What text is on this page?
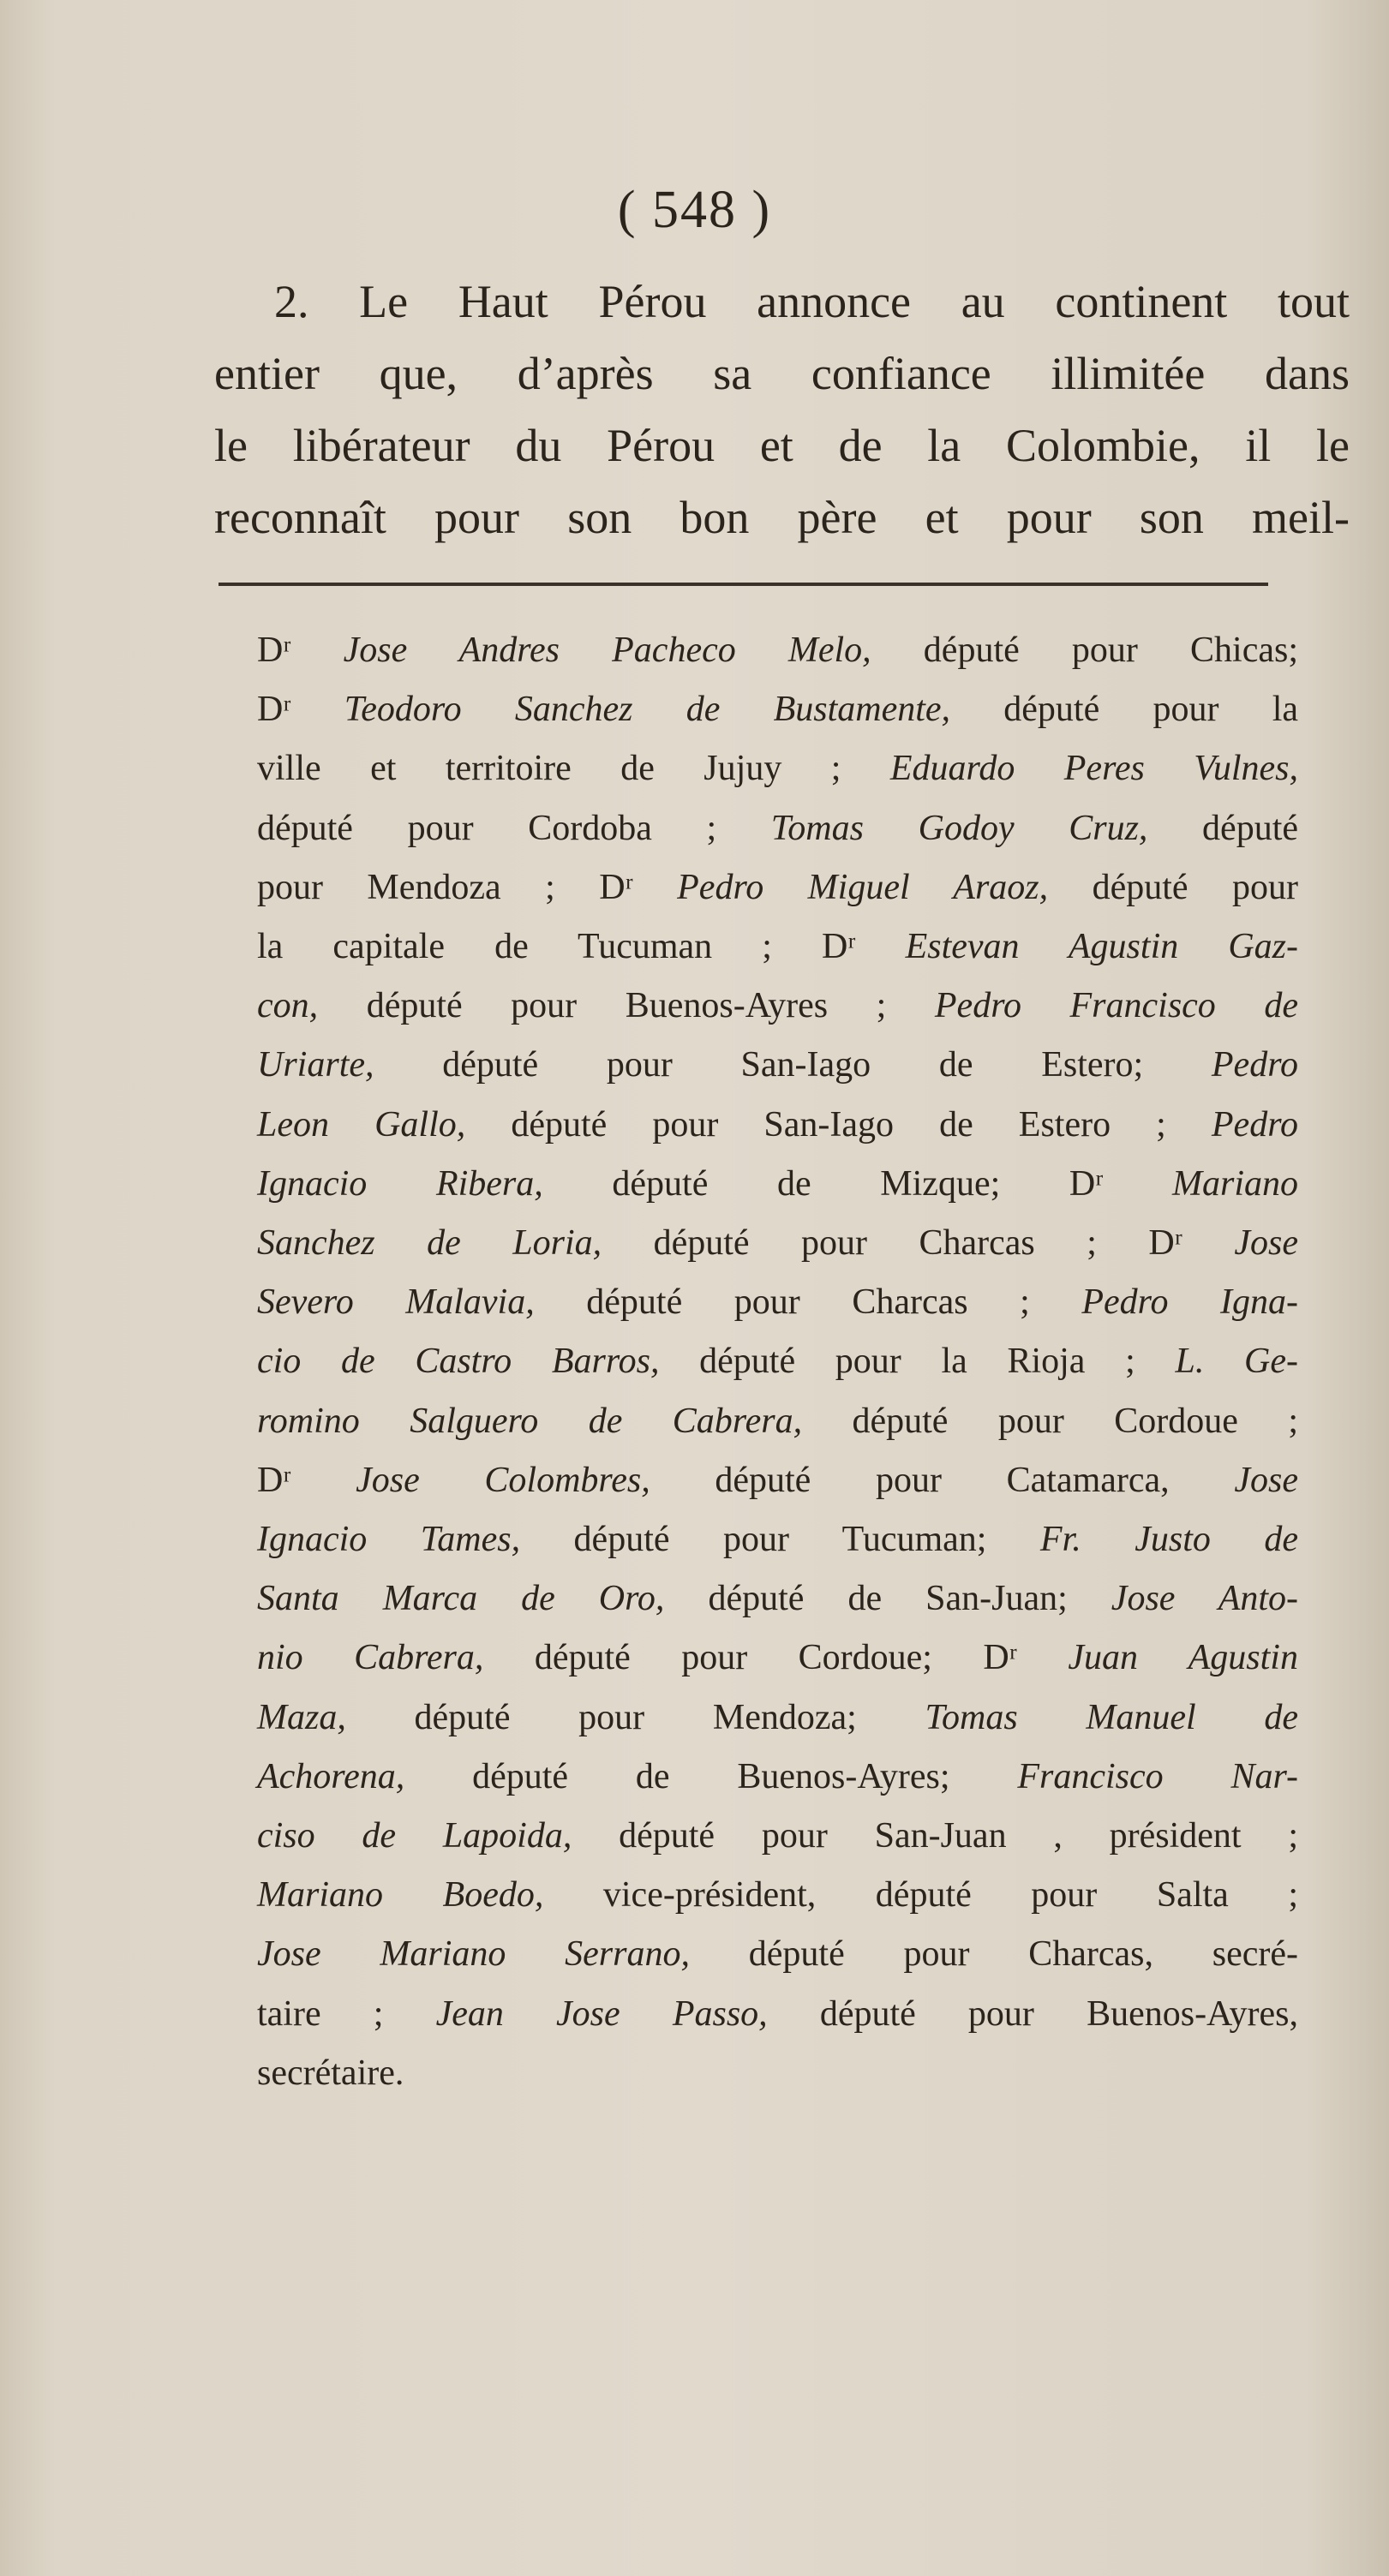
( 548 )
2. Le Haut Pérou annonce au continent tout
entier que, d’après sa confiance illimitée dans
le libérateur du Pérou et de la Colombie, il le
reconnaît pour son bon père et pour son meil-
Dʳ Jose Andres Pacheco Melo, député pour Chicas;
Dʳ Teodoro Sanchez de Bustamente, député pour la
ville et territoire de Jujuy ; Eduardo Peres Vulnes,
député pour Cordoba ; Tomas Godoy Cruz, député
pour Mendoza ; Dʳ Pedro Miguel Araoz, député pour
la capitale de Tucuman ; Dʳ Estevan Agustin Gaz-
con, député pour Buenos-Ayres ; Pedro Francisco de
Uriarte, député pour San-Iago de Estero; Pedro
Leon Gallo, député pour San-Iago de Estero ; Pedro
Ignacio Ribera, député de Mizque; Dʳ Mariano
Sanchez de Loria, député pour Charcas ; Dʳ Jose
Severo Malavia, député pour Charcas ; Pedro Igna-
cio de Castro Barros, député pour la Rioja ; L. Ge-
romino Salguero de Cabrera, député pour Cordoue ;
Dʳ Jose Colombres, député pour Catamarca, Jose
Ignacio Tames, député pour Tucuman; Fr. Justo de
Santa Marca de Oro, député de San-Juan; Jose Anto-
nio Cabrera, député pour Cordoue; Dʳ Juan Agustin
Maza, député pour Mendoza; Tomas Manuel de
Achorena, député de Buenos-Ayres; Francisco Nar-
ciso de Lapoida, député pour San-Juan , président ;
Mariano Boedo, vice-président, député pour Salta ;
Jose Mariano Serrano, député pour Charcas, secré-
taire ; Jean Jose Passo, député pour Buenos-Ayres,
secrétaire.
